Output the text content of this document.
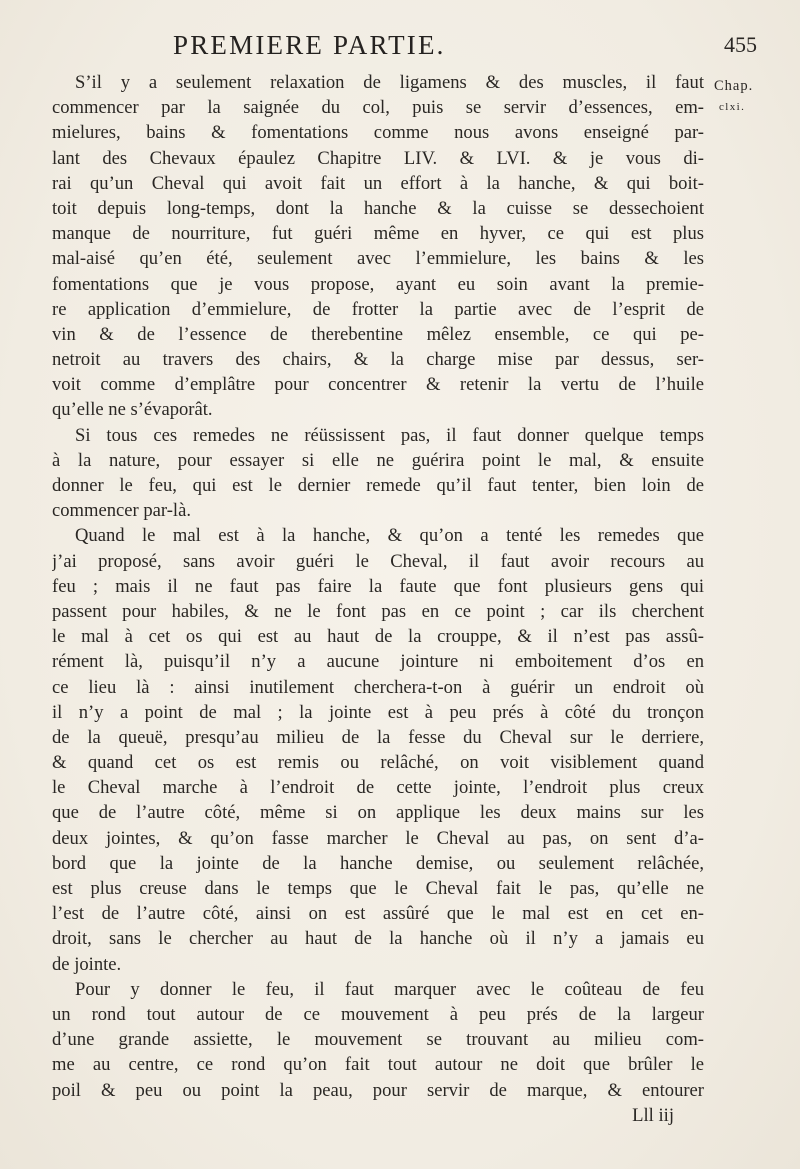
PREMIERE PARTIE.	455
Chap.
clxi.
S’il y a seulement relaxation de ligamens & des muscles, il faut
commencer par la saignée du col, puis se servir d’essences, em-
mielures, bains & fomentations comme nous avons enseigné par-
lant des Chevaux épaulez Chapitre LIV. & LVI. & je vous di-
rai qu’un Cheval qui avoit fait un effort à la hanche, & qui boit-
toit depuis long-temps, dont la hanche & la cuisse se dessechoient
manque de nourriture, fut guéri même en hyver, ce qui est plus
mal-aisé qu’en été, seulement avec l’emmielure, les bains & les
fomentations que je vous propose, ayant eu soin avant la premie-
re application d’emmielure, de frotter la partie avec de l’esprit de
vin & de l’essence de therebentine mêlez ensemble, ce qui pe-
netroit au travers des chairs, & la charge mise par dessus, ser-
voit comme d’emplâtre pour concentrer & retenir la vertu de l’huile
qu’elle ne s’évaporât.
Si tous ces remedes ne réüssissent pas, il faut donner quelque temps
à la nature, pour essayer si elle ne guérira point le mal, & ensuite
donner le feu, qui est le dernier remede qu’il faut tenter, bien loin de
commencer par-là.
Quand le mal est à la hanche, & qu’on a tenté les remedes que
j’ai proposé, sans avoir guéri le Cheval, il faut avoir recours au
feu ; mais il ne faut pas faire la faute que font plusieurs gens qui
passent pour habiles, & ne le font pas en ce point ; car ils cherchent
le mal à cet os qui est au haut de la crouppe, & il n’est pas assû-
rément là, puisqu’il n’y a aucune jointure ni emboitement d’os en
ce lieu là : ainsi inutilement cherchera-t-on à guérir un endroit où
il n’y a point de mal ; la jointe est à peu prés à côté du tronçon
de la queuë, presqu’au milieu de la fesse du Cheval sur le derriere,
& quand cet os est remis ou relâché, on voit visiblement quand
le Cheval marche à l’endroit de cette jointe, l’endroit plus creux
que de l’autre côté, même si on applique les deux mains sur les
deux jointes, & qu’on fasse marcher le Cheval au pas, on sent d’a-
bord que la jointe de la hanche demise, ou seulement relâchée,
est plus creuse dans le temps que le Cheval fait le pas, qu’elle ne
l’est de l’autre côté, ainsi on est assûré que le mal est en cet en-
droit, sans le chercher au haut de la hanche où il n’y a jamais eu
de jointe.
Pour y donner le feu, il faut marquer avec le coûteau de feu
un rond tout autour de ce mouvement à peu prés de la largeur
d’une grande assiette, le mouvement se trouvant au milieu com-
me au centre, ce rond qu’on fait tout autour ne doit que brûler le
poil & peu ou point la peau, pour servir de marque, & entourer
Lll iij
